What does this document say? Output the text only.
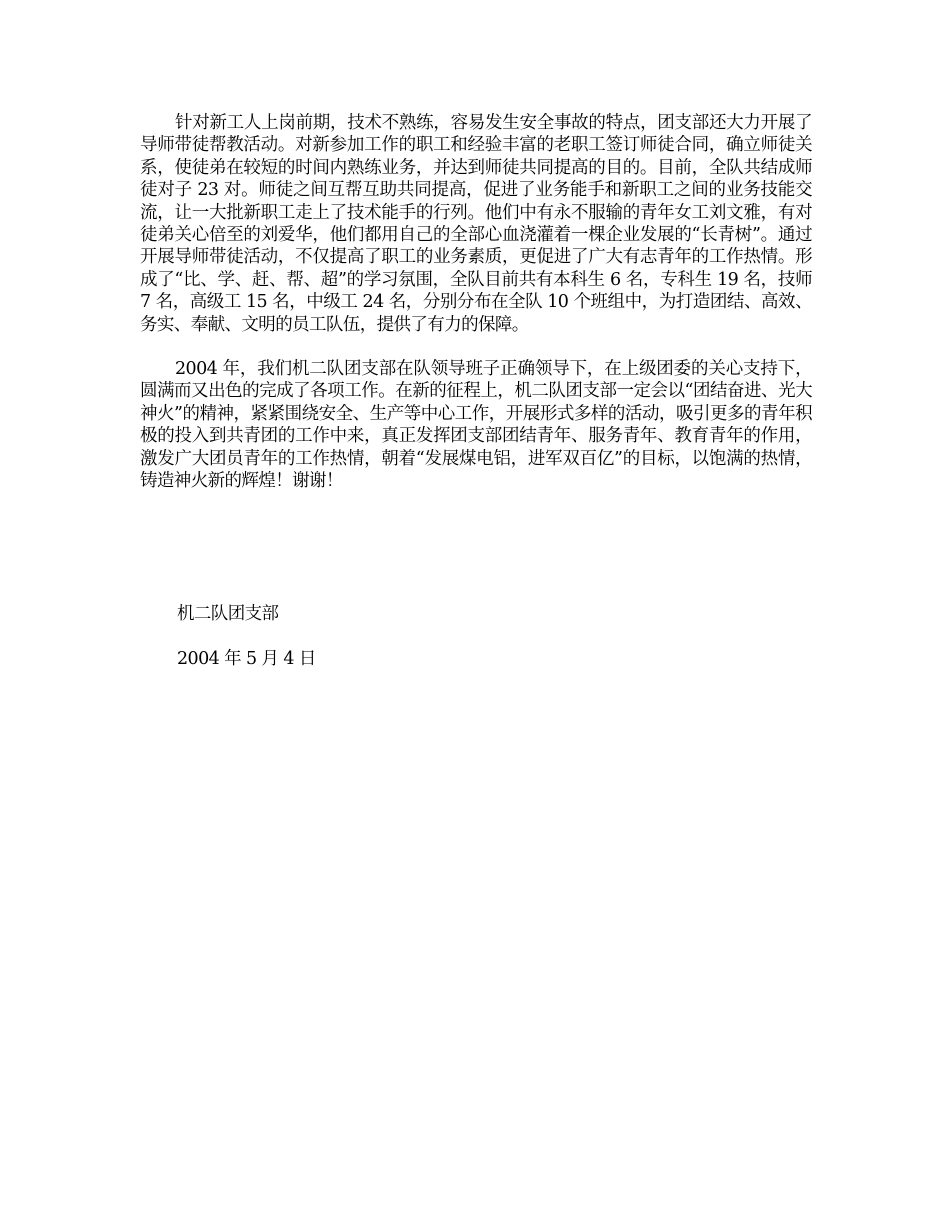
针对新工人上岗前期，技术不熟练，容易发生安全事故的特点，团支部还大力开展了导师带徒帮教活动。对新参加工作的职工和经验丰富的老职工签订师徒合同，确立师徒关系，使徒弟在较短的时间内熟练业务，并达到师徒共同提高的目的。目前，全队共结成师徒对子 23 对。师徒之间互帮互助共同提高，促进了业务能手和新职工之间的业务技能交流，让一大批新职工走上了技术能手的行列。他们中有永不服输的青年女工刘文雅，有对徒弟关心倍至的刘爱华，他们都用自己的全部心血浇灌着一棵企业发展的“长青树”。通过开展导师带徒活动，不仅提高了职工的业务素质，更促进了广大有志青年的工作热情。形成了“比、学、赶、帮、超”的学习氛围，全队目前共有本科生 6 名，专科生 19 名，技师 7 名，高级工 15 名，中级工 24 名，分别分布在全队 10 个班组中，为打造团结、高效、务实、奉献、文明的员工队伍，提供了有力的保障。

2004 年，我们机二队团支部在队领导班子正确领导下，在上级团委的关心支持下，圆满而又出色的完成了各项工作。在新的征程上，机二队团支部一定会以“团结奋进、光大神火”的精神，紧紧围绕安全、生产等中心工作，开展形式多样的活动，吸引更多的青年积极的投入到共青团的工作中来，真正发挥团支部团结青年、服务青年、教育青年的作用，激发广大团员青年的工作热情，朝着“发展煤电铝，进军双百亿”的目标，以饱满的热情，铸造神火新的辉煌！谢谢！

机二队团支部
2004 年 5 月 4 日
